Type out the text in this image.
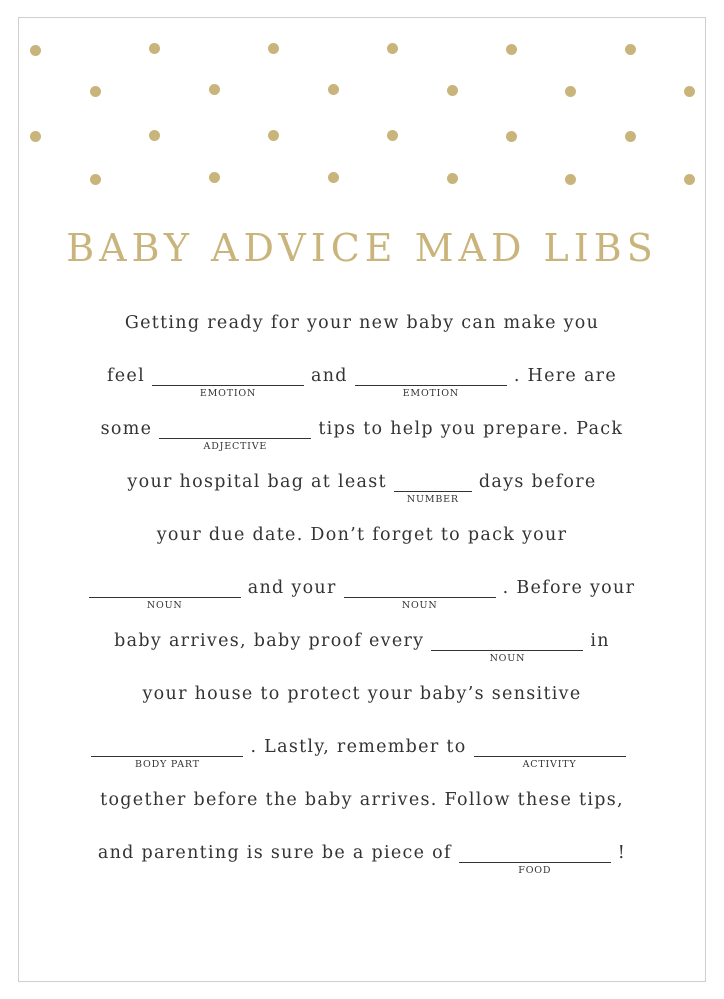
BABY ADVICE MAD LIBS
Getting ready for your new baby can make you
feel
EMOTION
and
EMOTION
. Here are
some
ADJECTIVE
tips to help you prepare. Pack
your hospital bag at least
NUMBER
days before
your due date. Don’t forget to pack your
NOUN
and your
NOUN
. Before your
baby arrives, baby proof every
NOUN
in
your house to protect your baby’s sensitive
BODY PART
. Lastly, remember to
ACTIVITY
together before the baby arrives. Follow these tips,
and parenting is sure be a piece of
FOOD
!
